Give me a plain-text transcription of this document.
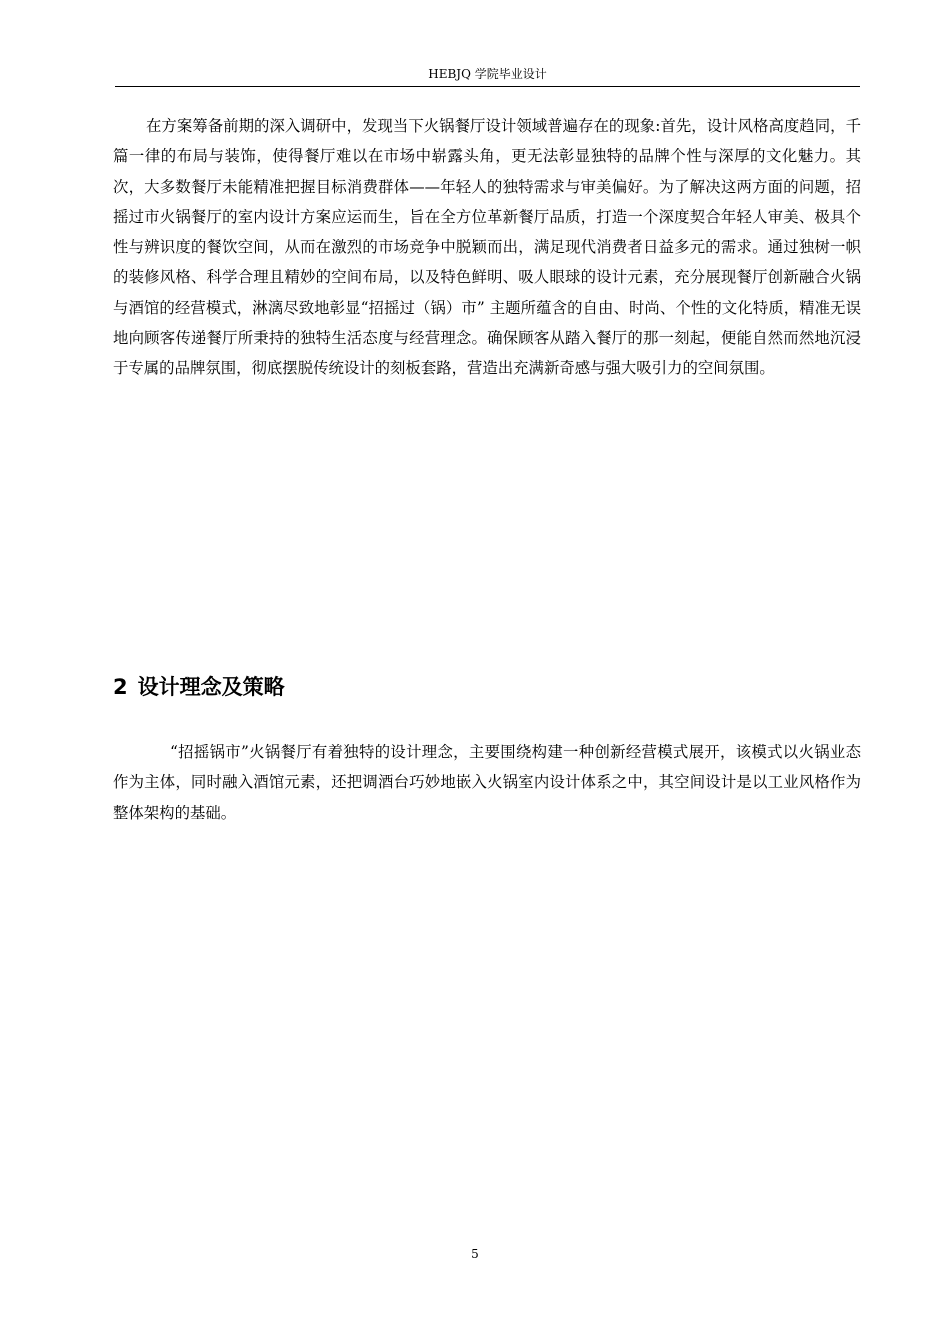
HEBJQ 学院毕业设计

在方案筹备前期的深入调研中，发现当下火锅餐厅设计领域普遍存在的现象:首先，设计风格高度趋同，千篇一律的布局与装饰，使得餐厅难以在市场中崭露头角，更无法彰显独特的品牌个性与深厚的文化魅力。其次，大多数餐厅未能精准把握目标消费群体——年轻人的独特需求与审美偏好。为了解决这两方面的问题，招摇过市火锅餐厅的室内设计方案应运而生，旨在全方位革新餐厅品质，打造一个深度契合年轻人审美、极具个性与辨识度的餐饮空间，从而在激烈的市场竞争中脱颖而出，满足现代消费者日益多元的需求。通过独树一帜的装修风格、科学合理且精妙的空间布局，以及特色鲜明、吸人眼球的设计元素，充分展现餐厅创新融合火锅与酒馆的经营模式，淋漓尽致地彰显“招摇过（锅）市” 主题所蕴含的自由、时尚、个性的文化特质，精准无误地向顾客传递餐厅所秉持的独特生活态度与经营理念。确保顾客从踏入餐厅的那一刻起，便能自然而然地沉浸于专属的品牌氛围，彻底摆脱传统设计的刻板套路，营造出充满新奇感与强大吸引力的空间氛围。

2 设计理念及策略

“招摇锅市”火锅餐厅有着独特的设计理念，主要围绕构建一种创新经营模式展开，该模式以火锅业态作为主体，同时融入酒馆元素，还把调酒台巧妙地嵌入火锅室内设计体系之中，其空间设计是以工业风格作为整体架构的基础。

5
